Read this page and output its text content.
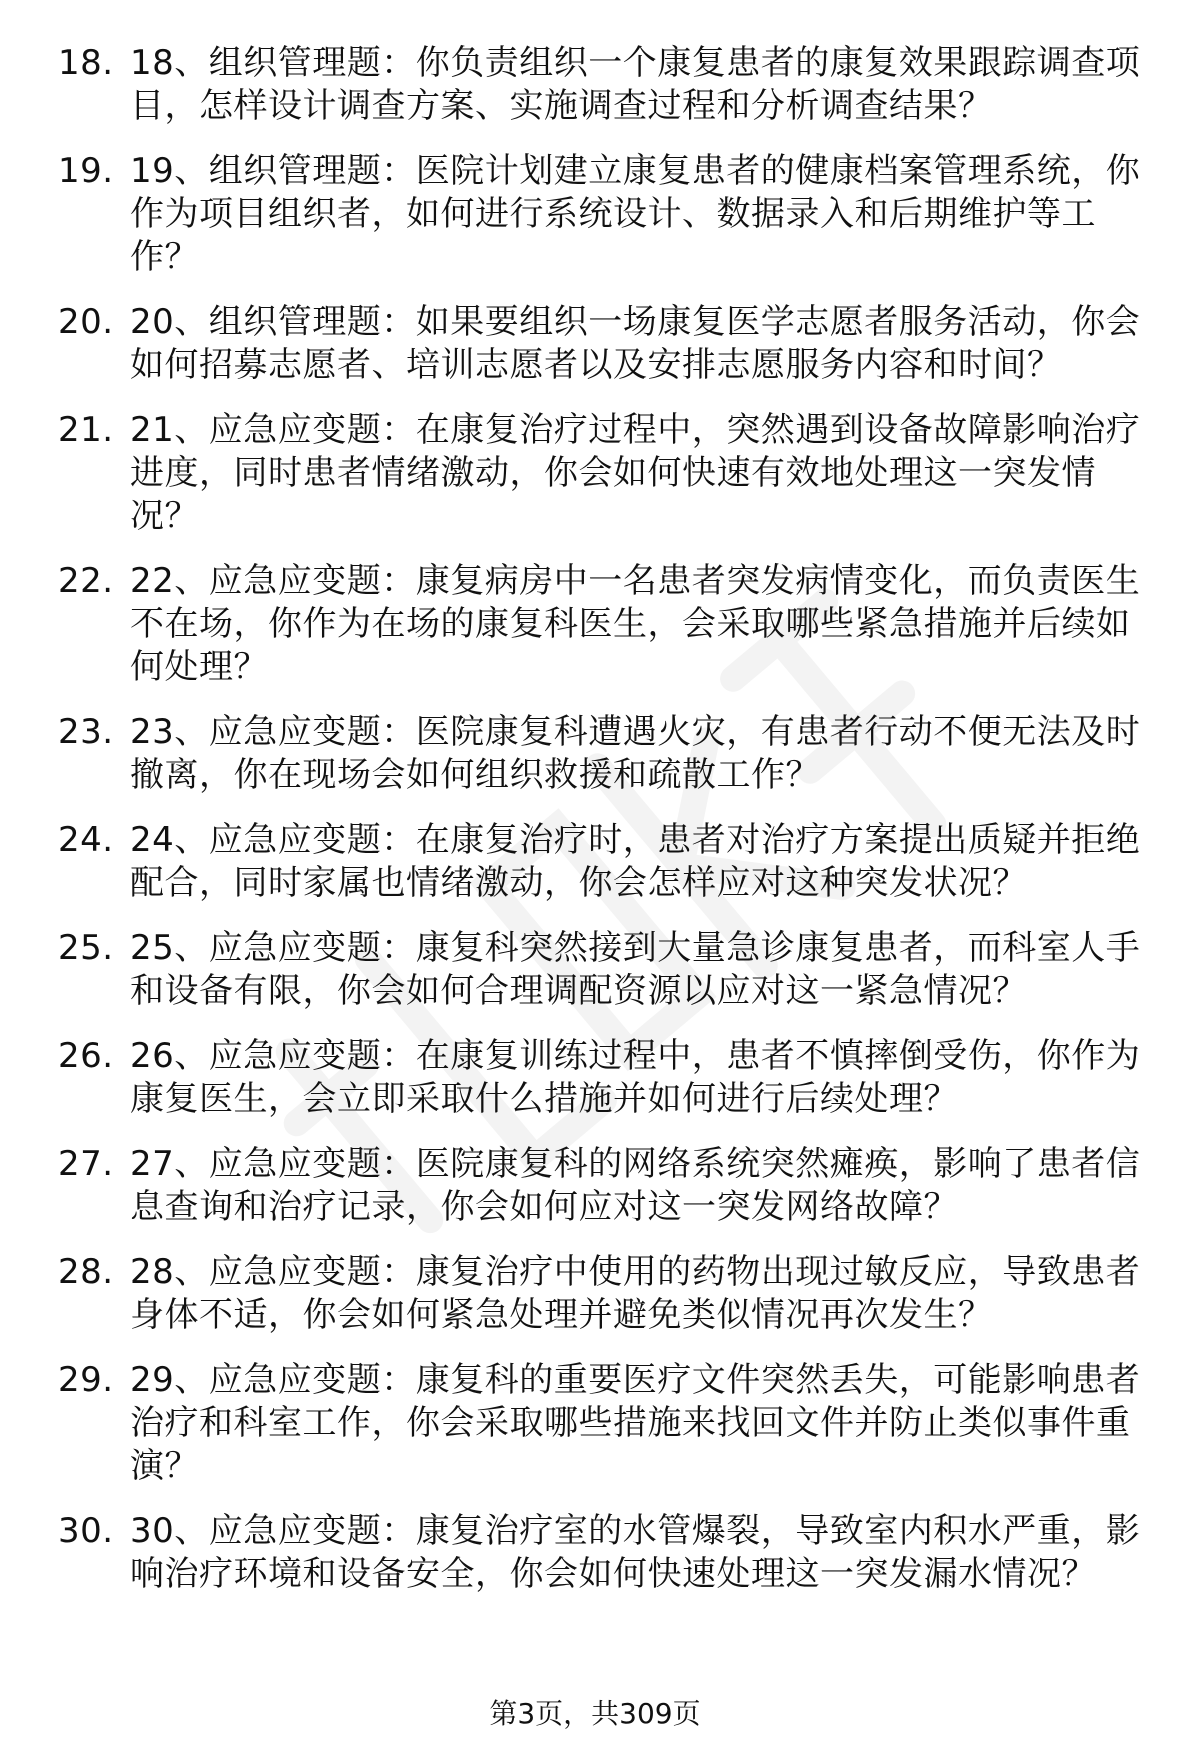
18. 18、组织管理题：你负责组织一个康复患者的康复效果跟踪调查项目，怎样设计调查方案、实施调查过程和分析调查结果？
19. 19、组织管理题：医院计划建立康复患者的健康档案管理系统，你作为项目组织者，如何进行系统设计、数据录入和后期维护等工作？
20. 20、组织管理题：如果要组织一场康复医学志愿者服务活动，你会如何招募志愿者、培训志愿者以及安排志愿服务内容和时间？
21. 21、应急应变题：在康复治疗过程中，突然遇到设备故障影响治疗进度，同时患者情绪激动，你会如何快速有效地处理这一突发情况？
22. 22、应急应变题：康复病房中一名患者突发病情变化，而负责医生不在场，你作为在场的康复科医生，会采取哪些紧急措施并后续如何处理？
23. 23、应急应变题：医院康复科遭遇火灾，有患者行动不便无法及时撤离，你在现场会如何组织救援和疏散工作？
24. 24、应急应变题：在康复治疗时，患者对治疗方案提出质疑并拒绝配合，同时家属也情绪激动，你会怎样应对这种突发状况？
25. 25、应急应变题：康复科突然接到大量急诊康复患者，而科室人手和设备有限，你会如何合理调配资源以应对这一紧急情况？
26. 26、应急应变题：在康复训练过程中，患者不慎摔倒受伤，你作为康复医生，会立即采取什么措施并如何进行后续处理？
27. 27、应急应变题：医院康复科的网络系统突然瘫痪，影响了患者信息查询和治疗记录，你会如何应对这一突发网络故障？
28. 28、应急应变题：康复治疗中使用的药物出现过敏反应，导致患者身体不适，你会如何紧急处理并避免类似情况再次发生？
29. 29、应急应变题：康复科的重要医疗文件突然丢失，可能影响患者治疗和科室工作，你会采取哪些措施来找回文件并防止类似事件重演？
30. 30、应急应变题：康复治疗室的水管爆裂，导致室内积水严重，影响治疗环境和设备安全，你会如何快速处理这一突发漏水情况？
第3页，共309页
